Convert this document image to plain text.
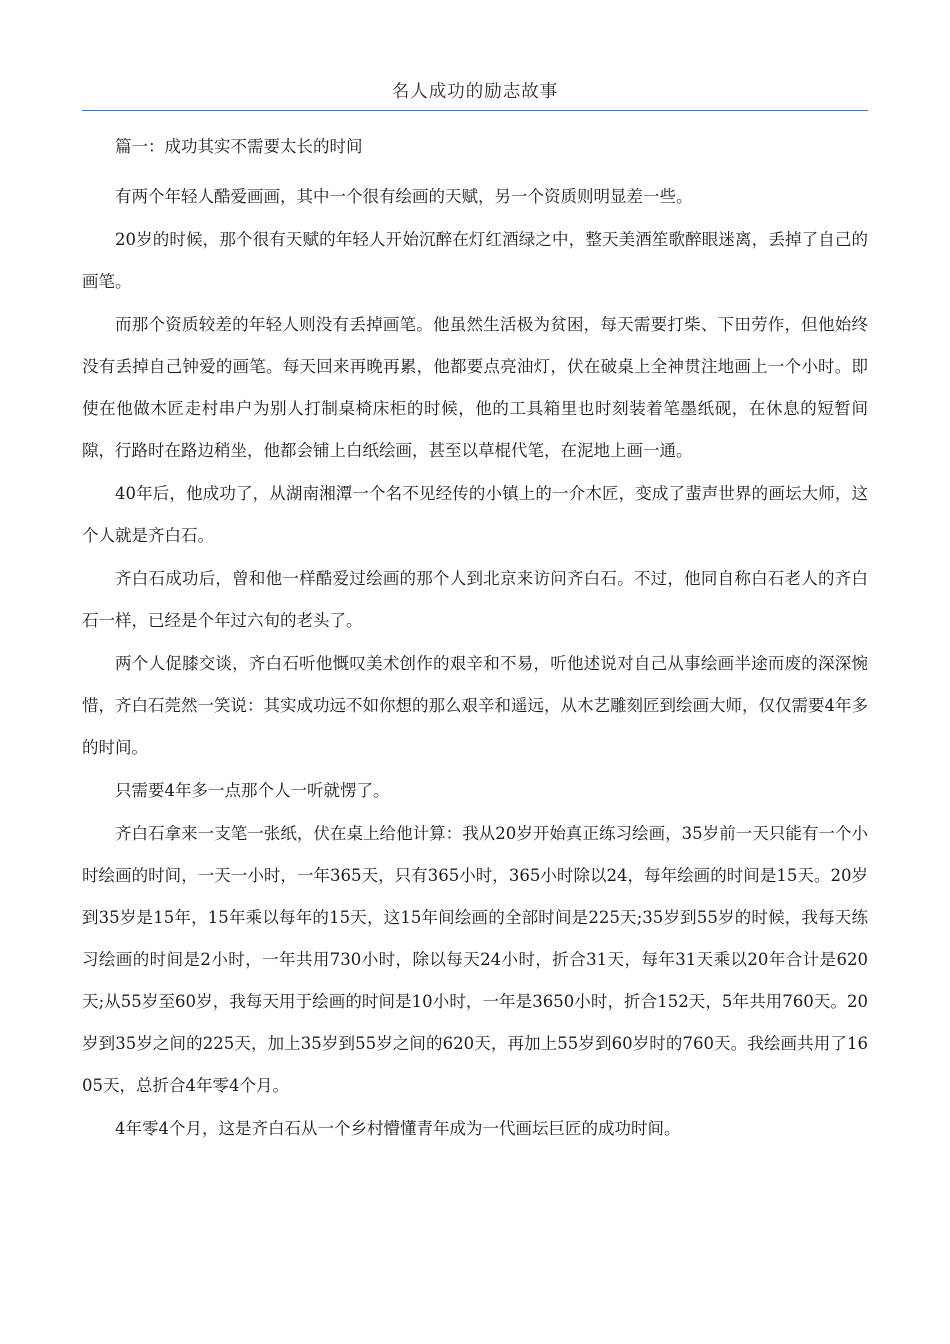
名人成功的励志故事

篇一：成功其实不需要太长的时间

有两个年轻人酷爱画画，其中一个很有绘画的天赋，另一个资质则明显差一些。

20岁的时候，那个很有天赋的年轻人开始沉醉在灯红酒绿之中，整天美酒笙歌醉眼迷离，丢掉了自己的画笔。

而那个资质较差的年轻人则没有丢掉画笔。他虽然生活极为贫困，每天需要打柴、下田劳作，但他始终没有丢掉自己钟爱的画笔。每天回来再晚再累，他都要点亮油灯，伏在破桌上全神贯注地画上一个小时。即使在他做木匠走村串户为别人打制桌椅床柜的时候，他的工具箱里也时刻装着笔墨纸砚，在休息的短暂间隙，行路时在路边稍坐，他都会铺上白纸绘画，甚至以草棍代笔，在泥地上画一通。

40年后，他成功了，从湖南湘潭一个名不见经传的小镇上的一介木匠，变成了蜚声世界的画坛大师，这个人就是齐白石。

齐白石成功后，曾和他一样酷爱过绘画的那个人到北京来访问齐白石。不过，他同自称白石老人的齐白石一样，已经是个年过六旬的老头了。

两个人促膝交谈，齐白石听他慨叹美术创作的艰辛和不易，听他述说对自己从事绘画半途而废的深深惋惜，齐白石莞然一笑说：其实成功远不如你想的那么艰辛和遥远，从木艺雕刻匠到绘画大师，仅仅需要4年多的时间。

只需要4年多一点那个人一听就愣了。

齐白石拿来一支笔一张纸，伏在桌上给他计算：我从20岁开始真正练习绘画，35岁前一天只能有一个小时绘画的时间，一天一小时，一年365天，只有365小时，365小时除以24，每年绘画的时间是15天。20岁到35岁是15年，15年乘以每年的15天，这15年间绘画的全部时间是225天;35岁到55岁的时候，我每天练习绘画的时间是2小时，一年共用730小时，除以每天24小时，折合31天，每年31天乘以20年合计是620天;从55岁至60岁，我每天用于绘画的时间是10小时，一年是3650小时，折合152天，5年共用760天。20岁到35岁之间的225天，加上35岁到55岁之间的620天，再加上55岁到60岁时的760天。我绘画共用了1605天，总折合4年零4个月。

4年零4个月，这是齐白石从一个乡村懵懂青年成为一代画坛巨匠的成功时间。
